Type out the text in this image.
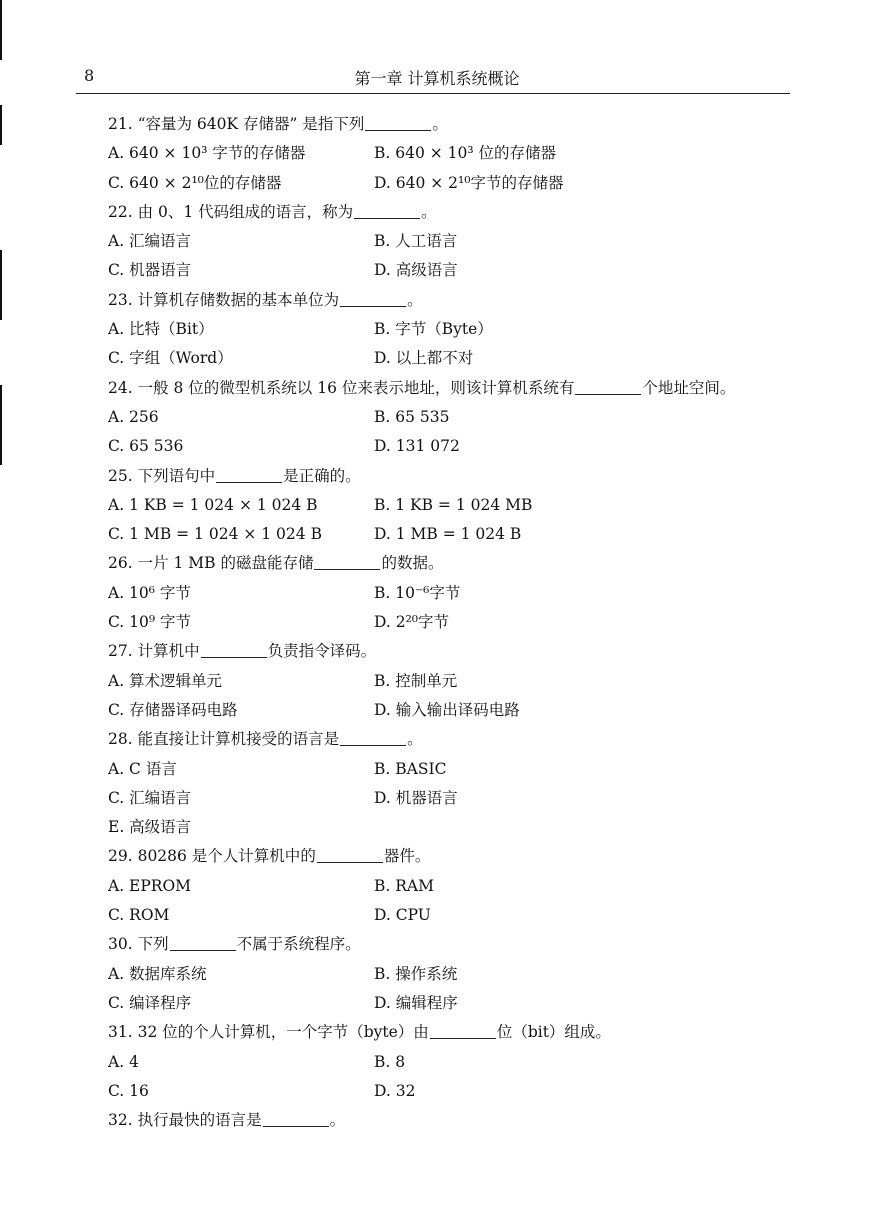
8	第一章 计算机系统概论
21. “容量为 640K 存储器” 是指下列	。
A. 640 × 10³ 字节的存储器	B. 640 × 10³ 位的存储器
C. 640 × 2¹⁰位的存储器	D. 640 × 2¹⁰字节的存储器
22. 由 0、1 代码组成的语言，称为	。
A. 汇编语言	B. 人工语言
C. 机器语言	D. 高级语言
23. 计算机存储数据的基本单位为	。
A. 比特（Bit）	B. 字节（Byte）
C. 字组（Word）	D. 以上都不对
24. 一般 8 位的微型机系统以 16 位来表示地址，则该计算机系统有	个地址空间。
A. 256	B. 65 535
C. 65 536	D. 131 072
25. 下列语句中	是正确的。
A. 1 KB = 1 024 × 1 024 B	B. 1 KB = 1 024 MB
C. 1 MB = 1 024 × 1 024 B	D. 1 MB = 1 024 B
26. 一片 1 MB 的磁盘能存储	的数据。
A. 10⁶ 字节	B. 10⁻⁶字节
C. 10⁹ 字节	D. 2²⁰字节
27. 计算机中	负责指令译码。
A. 算术逻辑单元	B. 控制单元
C. 存储器译码电路	D. 输入输出译码电路
28. 能直接让计算机接受的语言是	。
A. C 语言	B. BASIC
C. 汇编语言	D. 机器语言
E. 高级语言
29. 80286 是个人计算机中的	器件。
A. EPROM	B. RAM
C. ROM	D. CPU
30. 下列	不属于系统程序。
A. 数据库系统	B. 操作系统
C. 编译程序	D. 编辑程序
31. 32 位的个人计算机，一个字节（byte）由	位（bit）组成。
A. 4	B. 8
C. 16	D. 32
32. 执行最快的语言是	。
